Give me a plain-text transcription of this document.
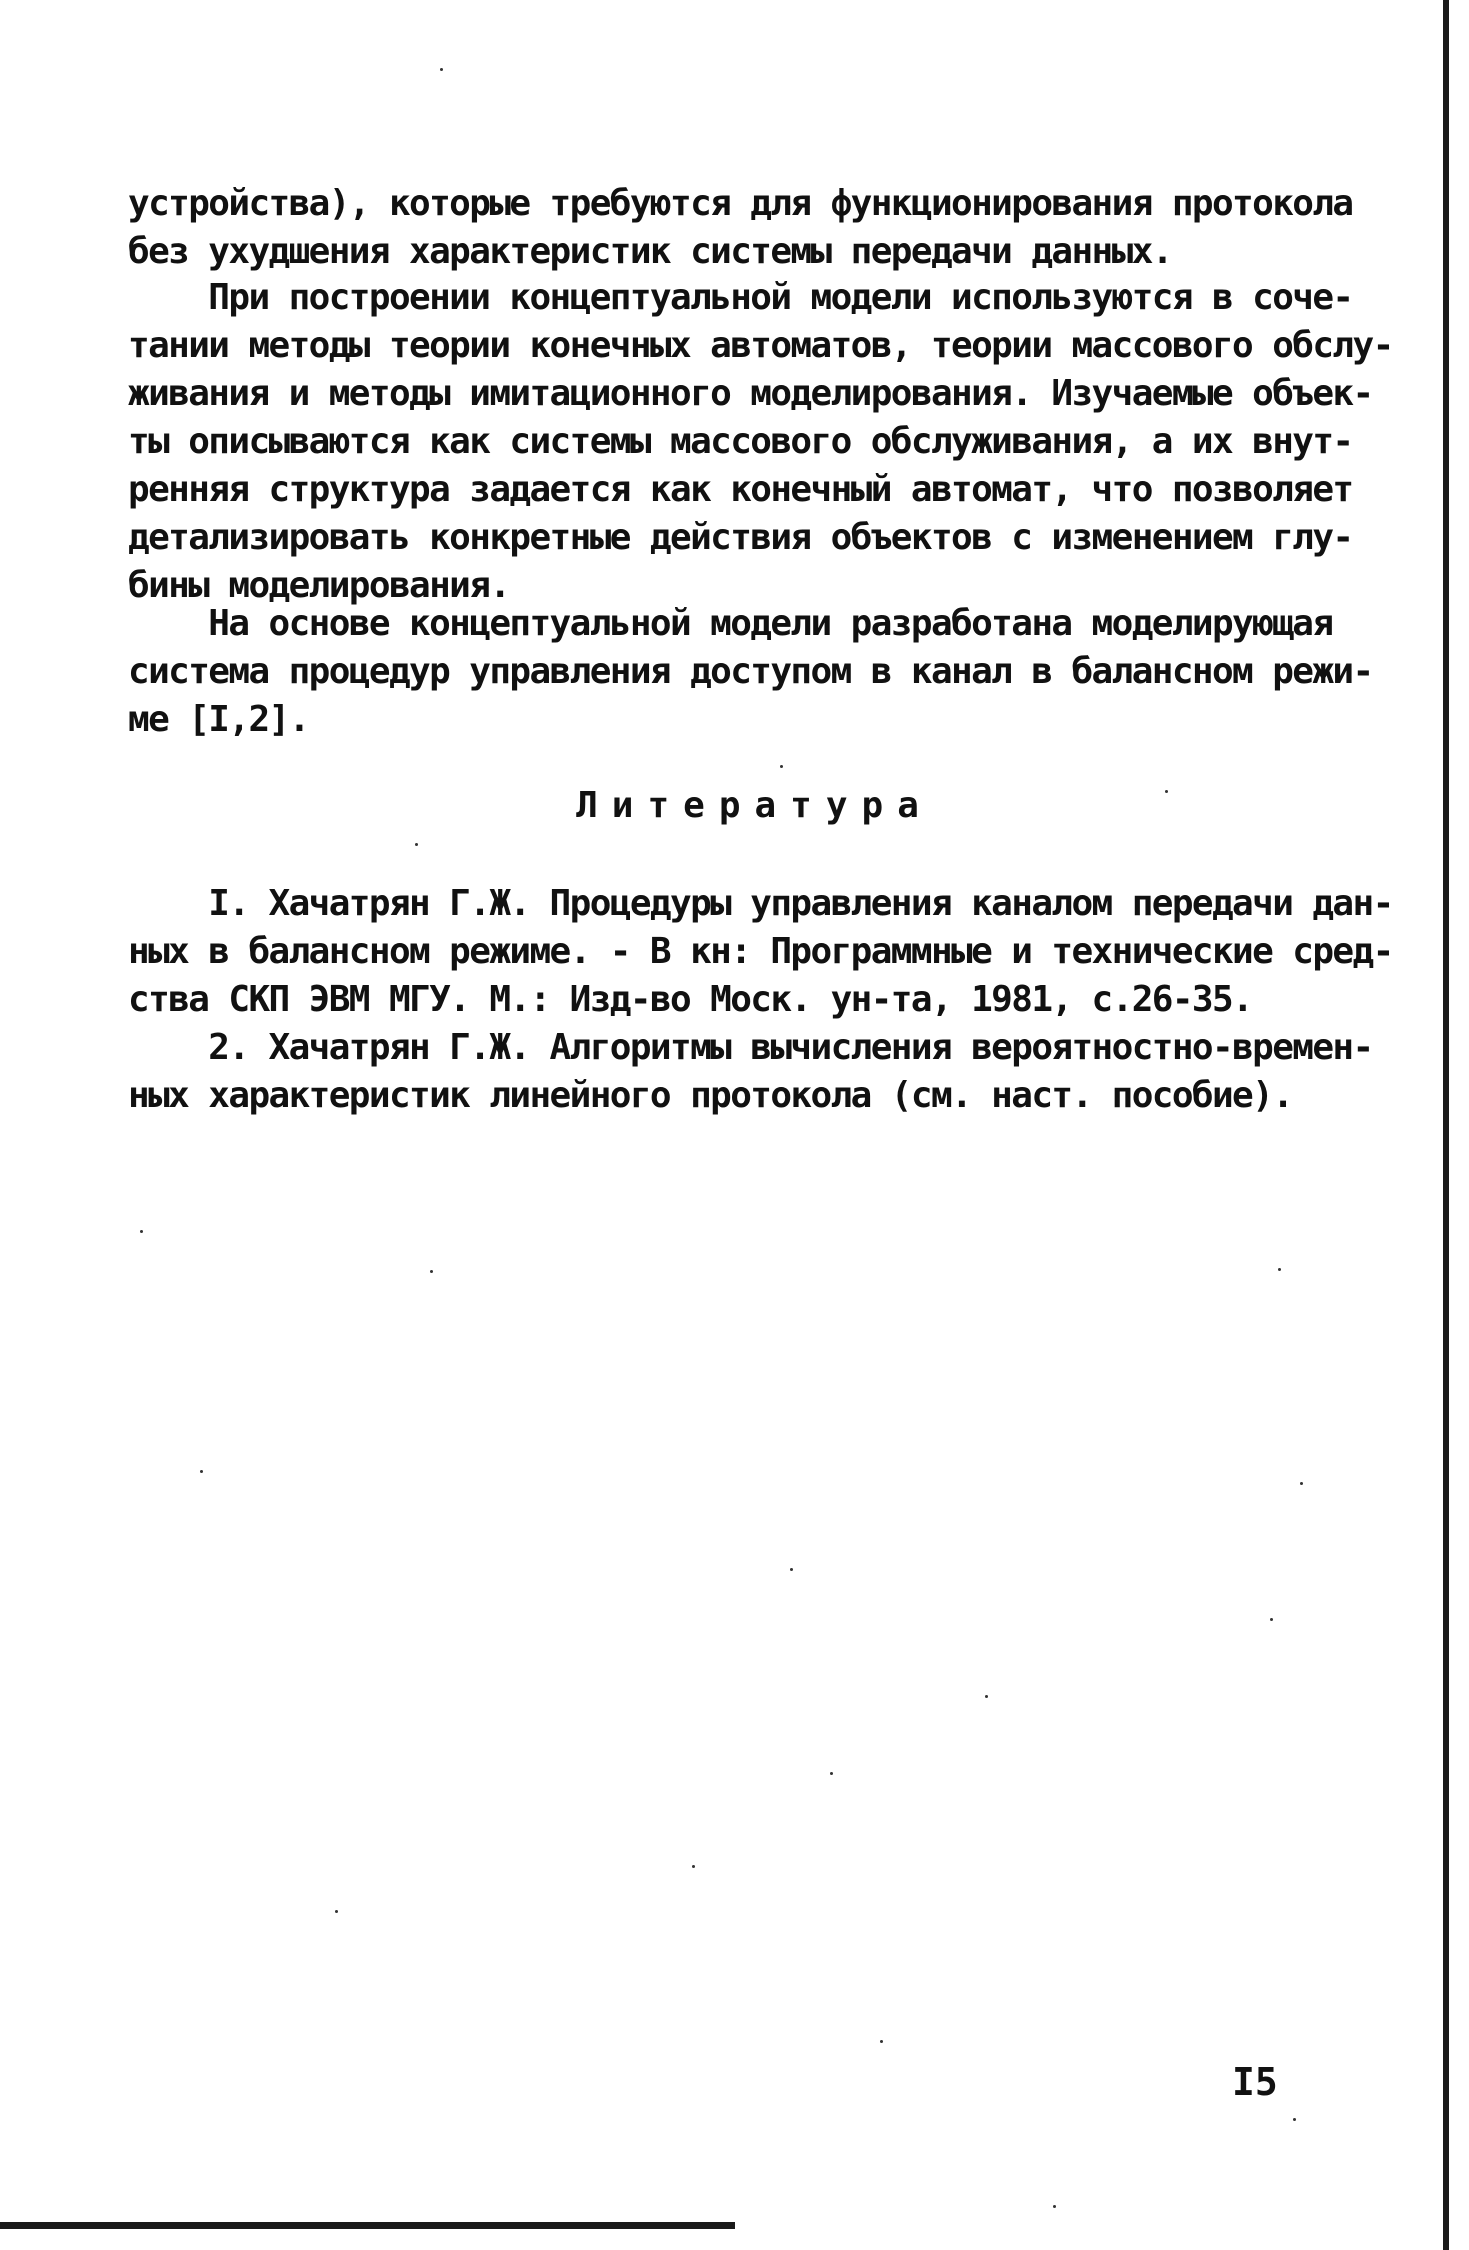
устройства), которые требуются для функционирования протокола
без ухудшения характеристик системы передачи данных.
При построении концептуальной модели используются в соче-
тании методы теории конечных автоматов, теории массового обслу-
живания и методы имитационного моделирования. Изучаемые объек-
ты описываются как системы массового обслуживания, а их внут-
ренняя структура задается как конечный автомат, что позволяет
детализировать конкретные действия объектов с изменением глу-
бины моделирования.
На основе концептуальной модели разработана моделирующая
система процедур управления доступом в канал в балансном режи-
ме [I,2].
Литература
I. Хачатрян Г.Ж. Процедуры управления каналом передачи дан-
ных в балансном режиме. - В кн: Программные и технические сред-
ства СКП ЭВМ МГУ. М.: Изд-во Моск. ун-та, 1981, с.26-35.
2. Хачатрян Г.Ж. Алгоритмы вычисления вероятностно-времен-
ных характеристик линейного протокола (см. наст. пособие).
I5
